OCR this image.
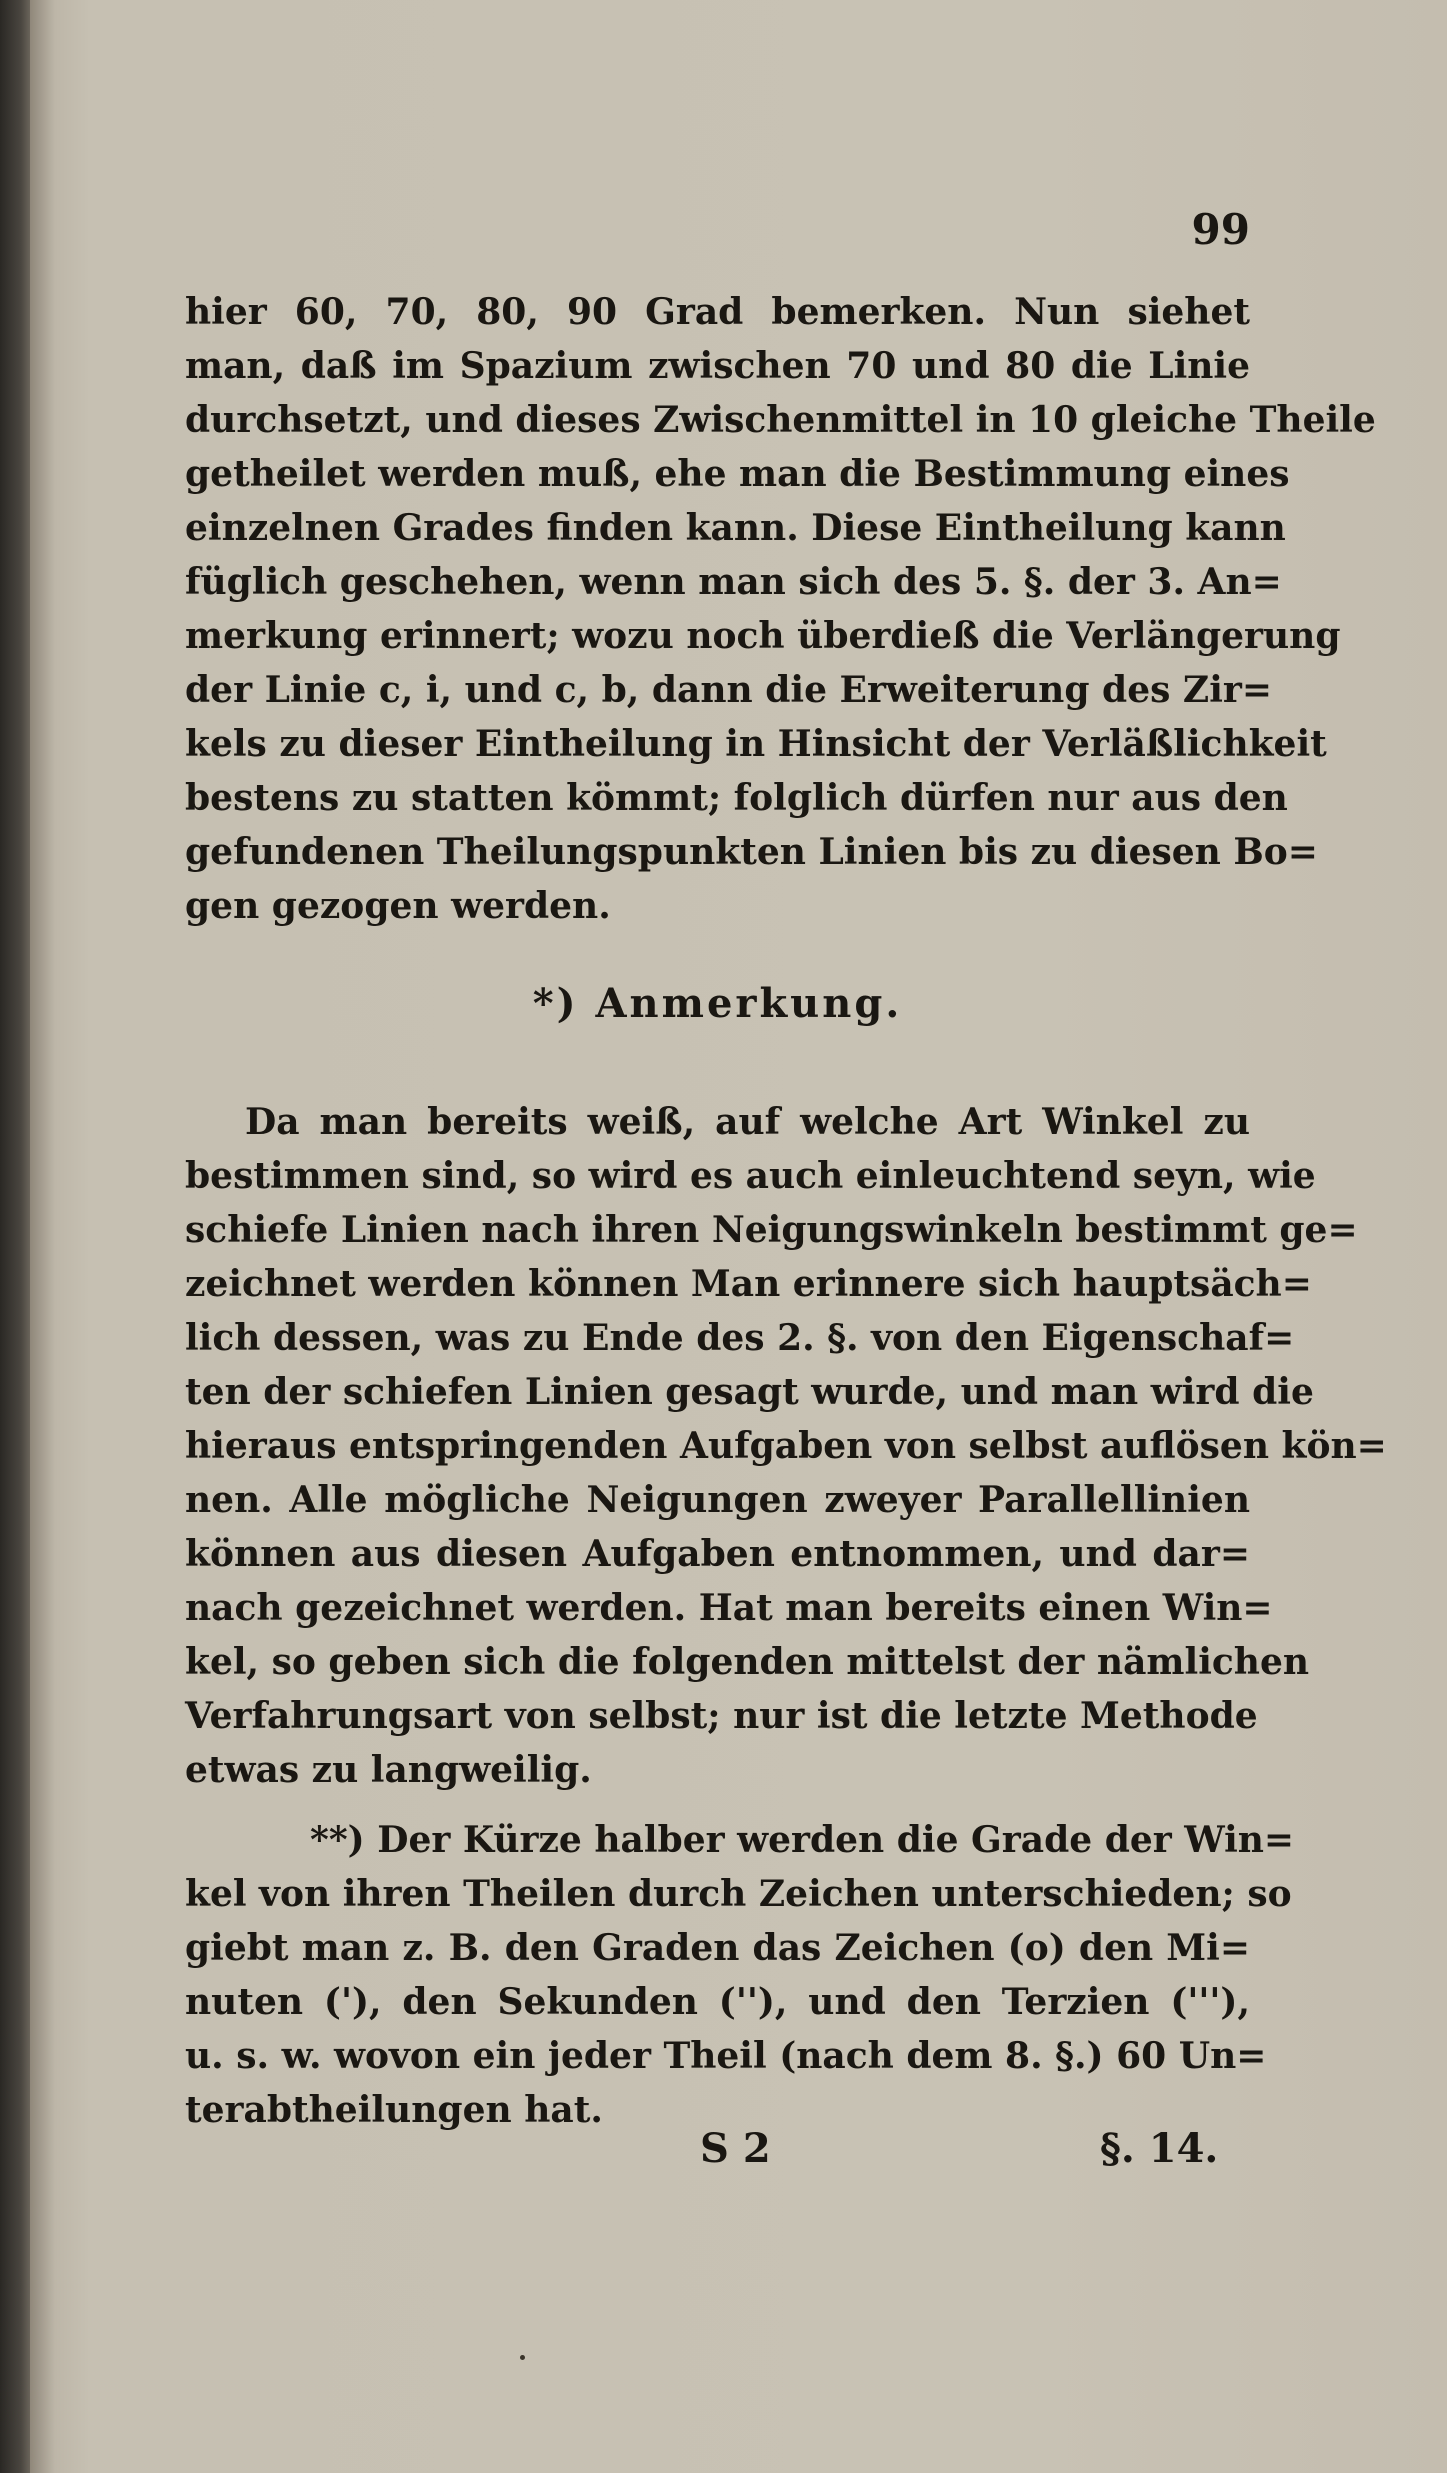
99
hier 60, 70, 80, 90 Grad bemerken. Nun siehet
man, daß im Spazium zwischen 70 und 80 die Linie
durchsetzt, und dieses Zwischenmittel in 10 gleiche Theile
getheilet werden muß, ehe man die Bestimmung eines
einzelnen Grades finden kann. Diese Eintheilung kann
füglich geschehen, wenn man sich des 5. §. der 3. An=
merkung erinnert; wozu noch überdieß die Verlängerung
der Linie c, i, und c, b, dann die Erweiterung des Zir=
kels zu dieser Eintheilung in Hinsicht der Verläßlichkeit
bestens zu statten kömmt; folglich dürfen nur aus den
gefundenen Theilungspunkten Linien bis zu diesen Bo=
gen gezogen werden.
*) Anmerkung.
Da man bereits weiß, auf welche Art Winkel zu
bestimmen sind, so wird es auch einleuchtend seyn, wie
schiefe Linien nach ihren Neigungswinkeln bestimmt ge=
zeichnet werden können Man erinnere sich hauptsäch=
lich dessen, was zu Ende des 2. §. von den Eigenschaf=
ten der schiefen Linien gesagt wurde, und man wird die
hieraus entspringenden Aufgaben von selbst auflösen kön=
nen. Alle mögliche Neigungen zweyer Parallellinien
können aus diesen Aufgaben entnommen, und dar=
nach gezeichnet werden. Hat man bereits einen Win=
kel, so geben sich die folgenden mittelst der nämlichen
Verfahrungsart von selbst; nur ist die letzte Methode
etwas zu langweilig.
**) Der Kürze halber werden die Grade der Win=
kel von ihren Theilen durch Zeichen unterschieden; so
giebt man z. B. den Graden das Zeichen (o) den Mi=
nuten ('), den Sekunden (''), und den Terzien ('''),
u. s. w. wovon ein jeder Theil (nach dem 8. §.) 60 Un=
terabtheilungen hat.
S 2	§. 14.
